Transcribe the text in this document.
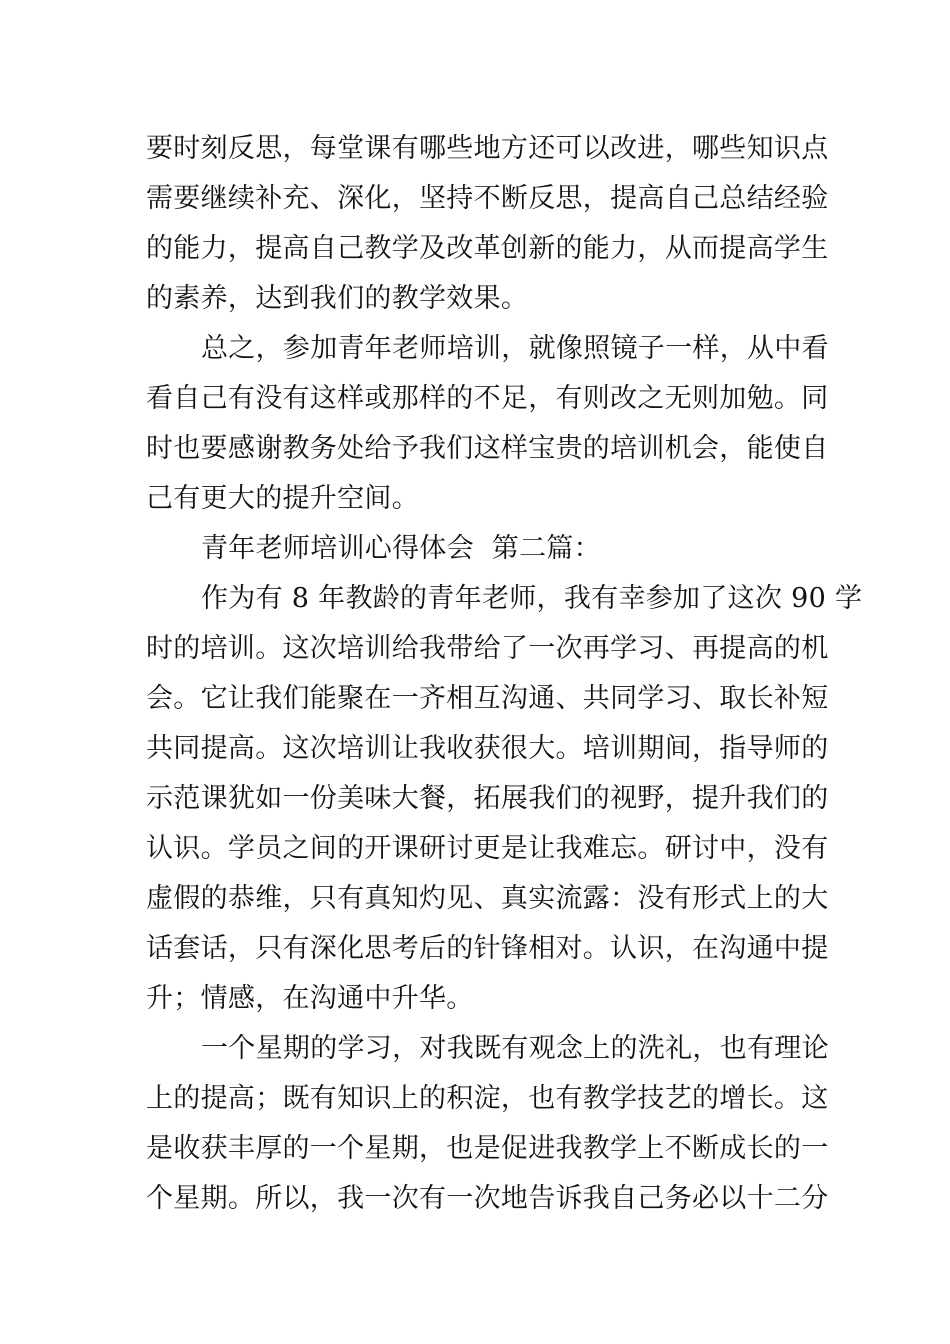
要时刻反思，每堂课有哪些地方还可以改进，哪些知识点
需要继续补充、深化，坚持不断反思，提高自己总结经验
的能力，提高自己教学及改革创新的能力，从而提高学生
的素养，达到我们的教学效果。
总之，参加青年老师培训，就像照镜子一样，从中看
看自己有没有这样或那样的不足，有则改之无则加勉。同
时也要感谢教务处给予我们这样宝贵的培训机会，能使自
己有更大的提升空间。
青年老师培训心得体会  第二篇：
作为有 8 年教龄的青年老师，我有幸参加了这次 90 学
时的培训。这次培训给我带给了一次再学习、再提高的机
会。它让我们能聚在一齐相互沟通、共同学习、取长补短
共同提高。这次培训让我收获很大。培训期间，指导师的
示范课犹如一份美味大餐，拓展我们的视野，提升我们的
认识。学员之间的开课研讨更是让我难忘。研讨中，没有
虚假的恭维，只有真知灼见、真实流露：没有形式上的大
话套话，只有深化思考后的针锋相对。认识，在沟通中提
升；情感，在沟通中升华。
一个星期的学习，对我既有观念上的洗礼，也有理论
上的提高；既有知识上的积淀，也有教学技艺的增长。这
是收获丰厚的一个星期，也是促进我教学上不断成长的一
个星期。所以，我一次有一次地告诉我自己务必以十二分
